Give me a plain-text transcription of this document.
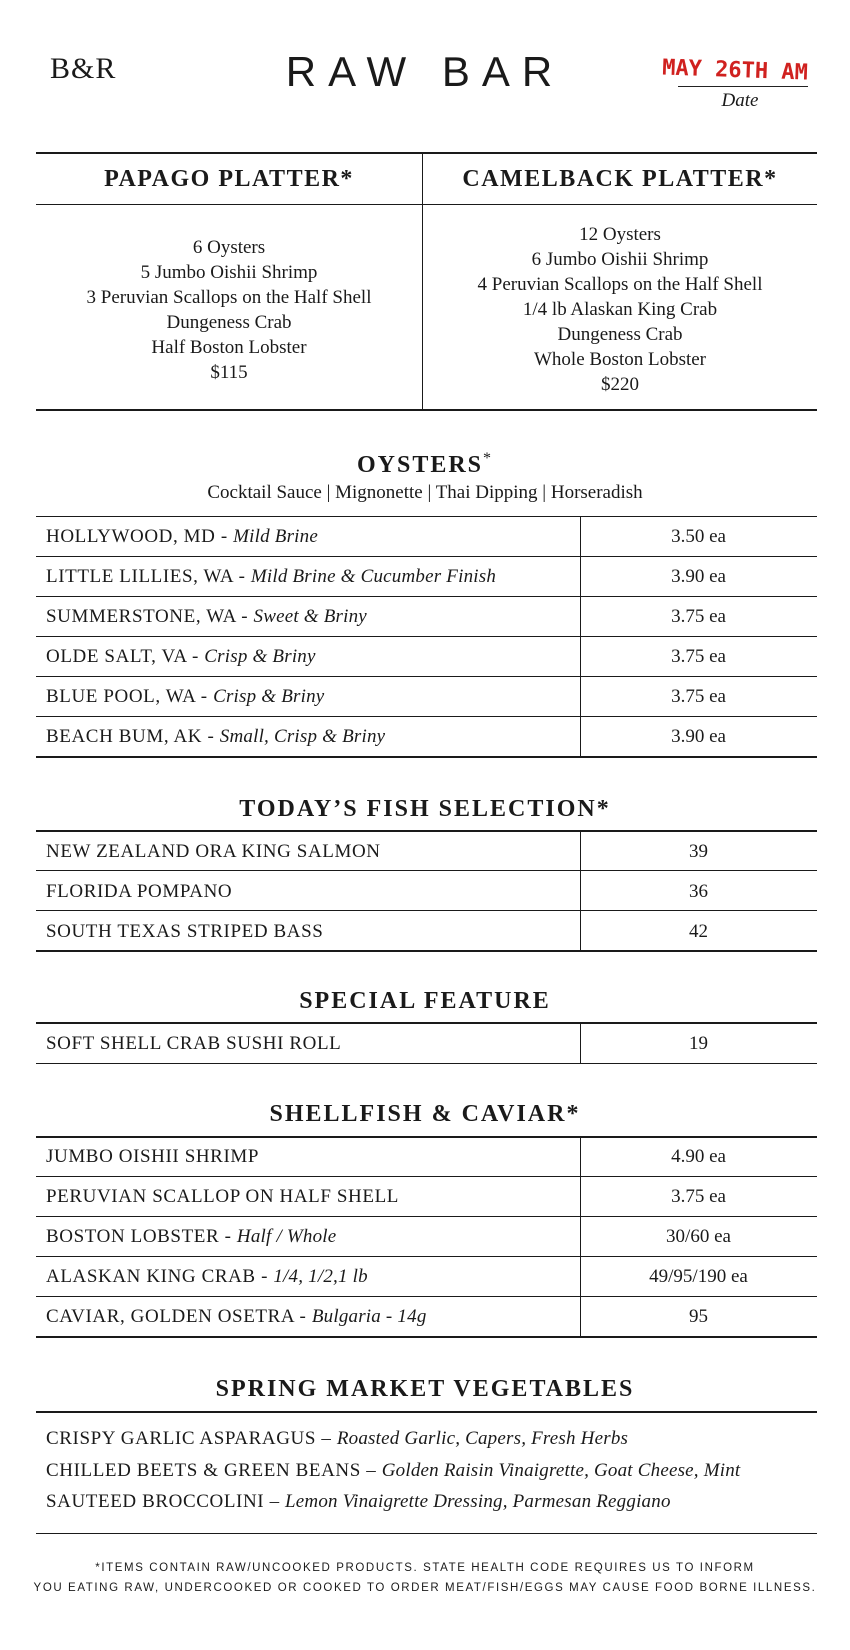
B&R	RAW BAR	MAY 26TH AM
Date
PAPAGO PLATTER*	CAMELBACK PLATTER*
6 Oysters
5 Jumbo Oishii Shrimp
3 Peruvian Scallops on the Half Shell
Dungeness Crab
Half Boston Lobster
$115
12 Oysters
6 Jumbo Oishii Shrimp
4 Peruvian Scallops on the Half Shell
1/4 lb Alaskan King Crab
Dungeness Crab
Whole Boston Lobster
$220
OYSTERS*
Cocktail Sauce | Mignonette | Thai Dipping | Horseradish
HOLLYWOOD, MD - Mild Brine	3.50 ea
LITTLE LILLIES, WA - Mild Brine & Cucumber Finish	3.90 ea
SUMMERSTONE, WA - Sweet & Briny	3.75 ea
OLDE SALT, VA - Crisp & Briny	3.75 ea
BLUE POOL, WA - Crisp & Briny	3.75 ea
BEACH BUM, AK - Small, Crisp & Briny	3.90 ea
TODAY’S FISH SELECTION*
NEW ZEALAND ORA KING SALMON	39
FLORIDA POMPANO	36
SOUTH TEXAS STRIPED BASS	42
SPECIAL FEATURE
SOFT SHELL CRAB SUSHI ROLL	19
SHELLFISH & CAVIAR*
JUMBO OISHII SHRIMP	4.90 ea
PERUVIAN SCALLOP ON HALF SHELL	3.75 ea
BOSTON LOBSTER - Half / Whole	30/60 ea
ALASKAN KING CRAB - 1/4, 1/2,1 lb	49/95/190 ea
CAVIAR, GOLDEN OSETRA - Bulgaria - 14g	95
SPRING MARKET VEGETABLES
CRISPY GARLIC ASPARAGUS – Roasted Garlic, Capers, Fresh Herbs
CHILLED BEETS & GREEN BEANS – Golden Raisin Vinaigrette, Goat Cheese, Mint
SAUTEED BROCCOLINI – Lemon Vinaigrette Dressing, Parmesan Reggiano
*ITEMS CONTAIN RAW/UNCOOKED PRODUCTS. STATE HEALTH CODE REQUIRES US TO INFORM
YOU EATING RAW, UNDERCOOKED OR COOKED TO ORDER MEAT/FISH/EGGS MAY CAUSE FOOD BORNE ILLNESS.
